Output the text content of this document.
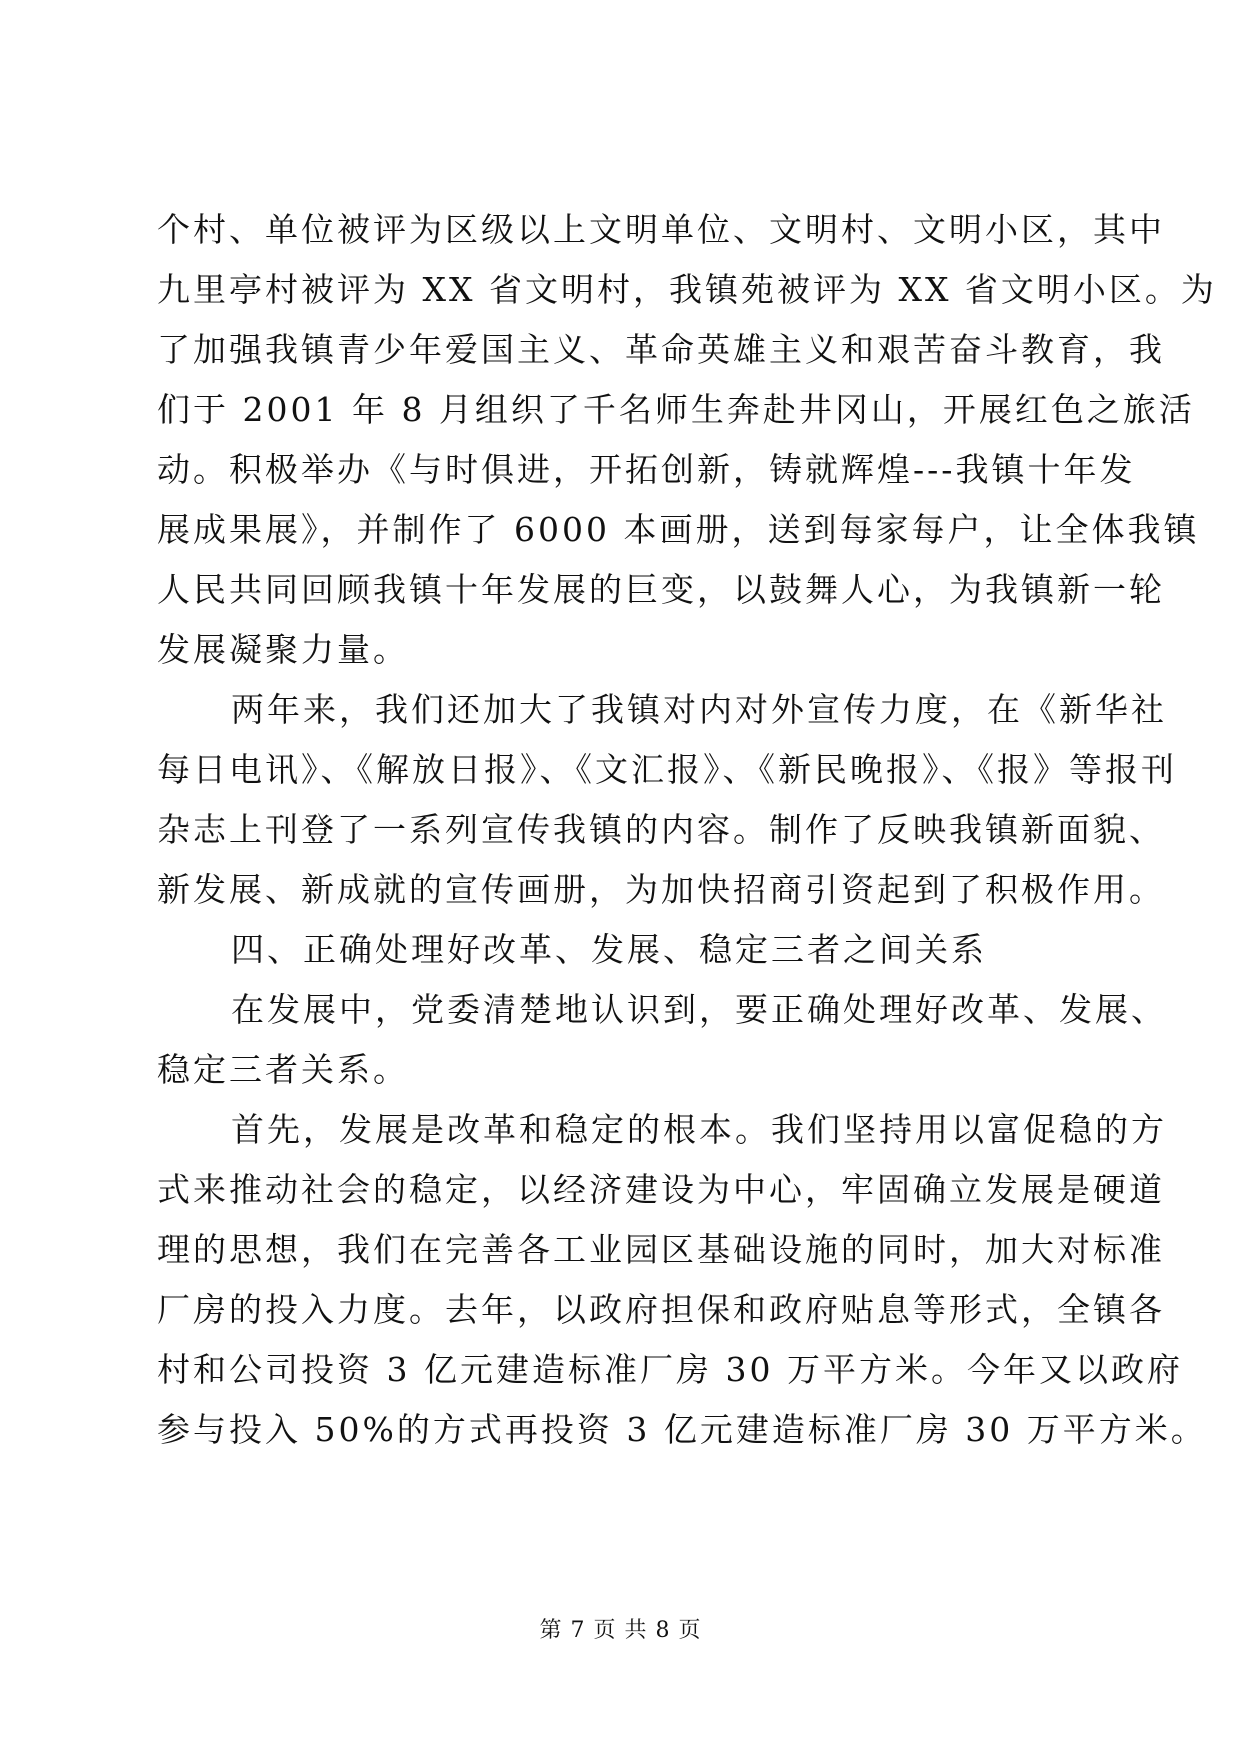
个村、单位被评为区级以上文明单位、文明村、文明小区，其中
九里亭村被评为 XX 省文明村，我镇苑被评为 XX 省文明小区。为
了加强我镇青少年爱国主义、革命英雄主义和艰苦奋斗教育，我
们于 2001 年 8 月组织了千名师生奔赴井冈山，开展红色之旅活
动。积极举办《与时俱进，开拓创新，铸就辉煌---我镇十年发
展成果展》，并制作了 6000 本画册，送到每家每户，让全体我镇
人民共同回顾我镇十年发展的巨变，以鼓舞人心，为我镇新一轮
发展凝聚力量。
两年来，我们还加大了我镇对内对外宣传力度，在《新华社
每日电讯》、《解放日报》、《文汇报》、《新民晚报》、《报》等报刊
杂志上刊登了一系列宣传我镇的内容。制作了反映我镇新面貌、
新发展、新成就的宣传画册，为加快招商引资起到了积极作用。
四、正确处理好改革、发展、稳定三者之间关系
在发展中，党委清楚地认识到，要正确处理好改革、发展、
稳定三者关系。
首先，发展是改革和稳定的根本。我们坚持用以富促稳的方
式来推动社会的稳定，以经济建设为中心，牢固确立发展是硬道
理的思想，我们在完善各工业园区基础设施的同时，加大对标准
厂房的投入力度。去年，以政府担保和政府贴息等形式，全镇各
村和公司投资 3 亿元建造标准厂房 30 万平方米。今年又以政府
参与投入 50%的方式再投资 3 亿元建造标准厂房 30 万平方米。
第 7 页 共 8 页
